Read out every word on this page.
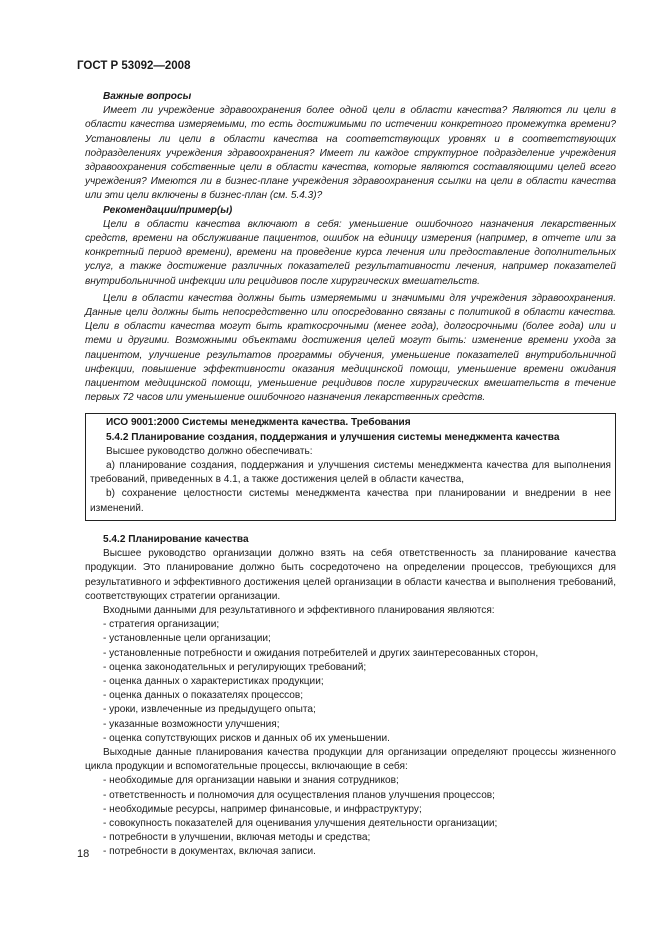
ГОСТ Р 53092—2008

Важные вопросы

Имеет ли учреждение здравоохранения более одной цели в области качества? Являются ли цели в области качества измеряемыми, то есть достижимыми по истечении конкретного промежутка времени? Установлены ли цели в области качества на соответствующих уровнях и в соответствующих подразделениях учреждения здравоохранения? Имеет ли каждое структурное подразделение учреждения здравоохранения собственные цели в области качества, которые являются составляющими целей всего учреждения? Имеются ли в бизнес-плане учреждения здравоохранения ссылки на цели в области качества или эти цели включены в бизнес-план (см. 5.4.3)?

Рекомендации/пример(ы)

Цели в области качества включают в себя: уменьшение ошибочного назначения лекарственных средств, времени на обслуживание пациентов, ошибок на единицу измерения (например, в отчете или за конкретный период времени), времени на проведение курса лечения или предоставление дополнительных услуг, а также достижение различных показателей результативности лечения, например показателей внутрибольничной инфекции или рецидивов после хирургических вмешательств.

Цели в области качества должны быть измеряемыми и значимыми для учреждения здравоохранения. Данные цели должны быть непосредственно или опосредованно связаны с политикой в области качества. Цели в области качества могут быть краткосрочными (менее года), долгосрочными (более года) или и теми и другими. Возможными объектами достижения целей могут быть: изменение времени ухода за пациентом, улучшение результатов программы обучения, уменьшение показателей внутрибольничной инфекции, повышение эффективности оказания медицинской помощи, уменьшение времени ожидания пациентом медицинской помощи, уменьшение рецидивов после хирургических вмешательств в течение первых 72 часов или уменьшение ошибочного назначения лекарственных средств.

ИСО 9001:2000 Системы менеджмента качества. Требования

5.4.2 Планирование создания, поддержания и улучшения системы менеджмента качества

Высшее руководство должно обеспечивать:

a) планирование создания, поддержания и улучшения системы менеджмента качества для выполнения требований, приведенных в 4.1, а также достижения целей в области качества,

b) сохранение целостности системы менеджмента качества при планировании и внедрении в нее изменений.

5.4.2 Планирование качества

Высшее руководство организации должно взять на себя ответственность за планирование качества продукции. Это планирование должно быть сосредоточено на определении процессов, требующихся для результативного и эффективного достижения целей организации в области качества и выполнения требований, соответствующих стратегии организации.

Входными данными для результативного и эффективного планирования являются:

- стратегия организации;
- установленные цели организации;
- установленные потребности и ожидания потребителей и других заинтересованных сторон,
- оценка законодательных и регулирующих требований;
- оценка данных о характеристиках продукции;
- оценка данных о показателях процессов;
- уроки, извлеченные из предыдущего опыта;
- указанные возможности улучшения;
- оценка сопутствующих рисков и данных об их уменьшении.

Выходные данные планирования качества продукции для организации определяют процессы жизненного цикла продукции и вспомогательные процессы, включающие в себя:

- необходимые для организации навыки и знания сотрудников;
- ответственность и полномочия для осуществления планов улучшения процессов;
- необходимые ресурсы, например финансовые, и инфраструктуру;
- совокупность показателей для оценивания улучшения деятельности организации;
- потребности в улучшении, включая методы и средства;
- потребности в документах, включая записи.
18
